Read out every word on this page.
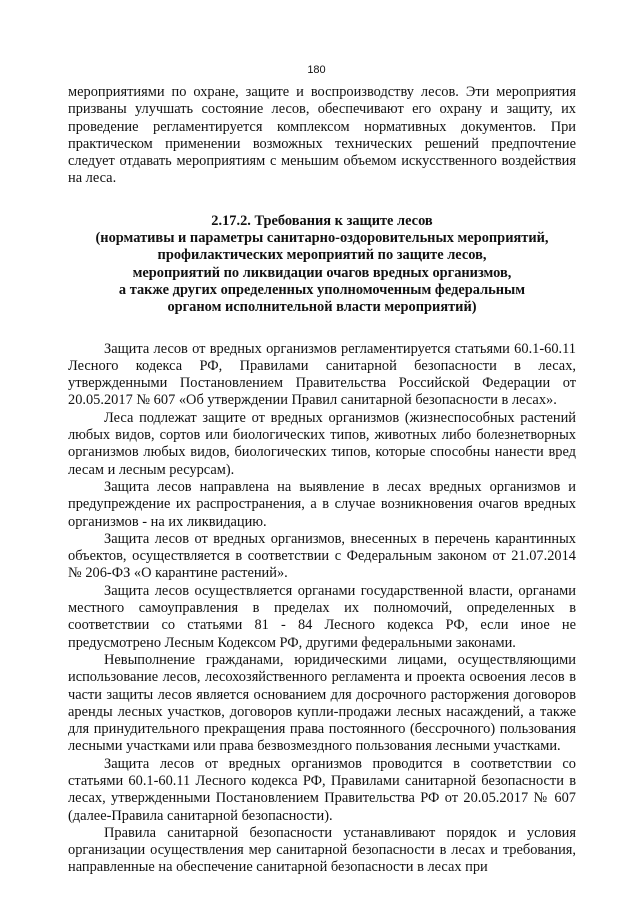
180

мероприятиями по охране, защите и воспроизводству лесов. Эти мероприятия призваны улучшать состояние лесов, обеспечивают его охрану и защиту, их проведение регламентируется комплексом нормативных документов. При практическом применении возможных технических решений предпочтение следует отдавать мероприятиям с меньшим объемом искусственного воздействия на леса.

2.17.2. Требования к защите лесов
(нормативы и параметры санитарно-оздоровительных мероприятий,
профилактических мероприятий по защите лесов,
мероприятий по ликвидации очагов вредных организмов,
а также других определенных уполномоченным федеральным
органом исполнительной власти мероприятий)

Защита лесов от вредных организмов регламентируется статьями 60.1-60.11 Лесного кодекса РФ, Правилами санитарной безопасности в лесах, утвержденными Постановлением Правительства Российской Федерации от 20.05.2017 № 607 «Об утверждении Правил санитарной безопасности в лесах».

Леса подлежат защите от вредных организмов (жизнеспособных растений любых видов, сортов или биологических типов, животных либо болезнетворных организмов любых видов, биологических типов, которые способны нанести вред лесам и лесным ресурсам).

Защита лесов направлена на выявление в лесах вредных организмов и предупреждение их распространения, а в случае возникновения очагов вредных организмов - на их ликвидацию.

Защита лесов от вредных организмов, внесенных в перечень карантинных объектов, осуществляется в соответствии с Федеральным законом от 21.07.2014 № 206-ФЗ «О карантине растений».

Защита лесов осуществляется органами государственной власти, органами местного самоуправления в пределах их полномочий, определенных в соответствии со статьями 81 - 84 Лесного кодекса РФ, если иное не предусмотрено Лесным Кодексом РФ, другими федеральными законами.

Невыполнение гражданами, юридическими лицами, осуществляющими использование лесов, лесохозяйственного регламента и проекта освоения лесов в части защиты лесов является основанием для досрочного расторжения договоров аренды лесных участков, договоров купли-продажи лесных насаждений, а также для принудительного прекращения права постоянного (бессрочного) пользования лесными участками или права безвозмездного пользования лесными участками.

Защита лесов от вредных организмов проводится в соответствии со статьями 60.1-60.11 Лесного кодекса РФ, Правилами санитарной безопасности в лесах, утвержденными Постановлением Правительства РФ от 20.05.2017 № 607 (далее-Правила санитарной безопасности).

Правила санитарной безопасности устанавливают порядок и условия организации осуществления мер санитарной безопасности в лесах и требования, направленные на обеспечение санитарной безопасности в лесах при
